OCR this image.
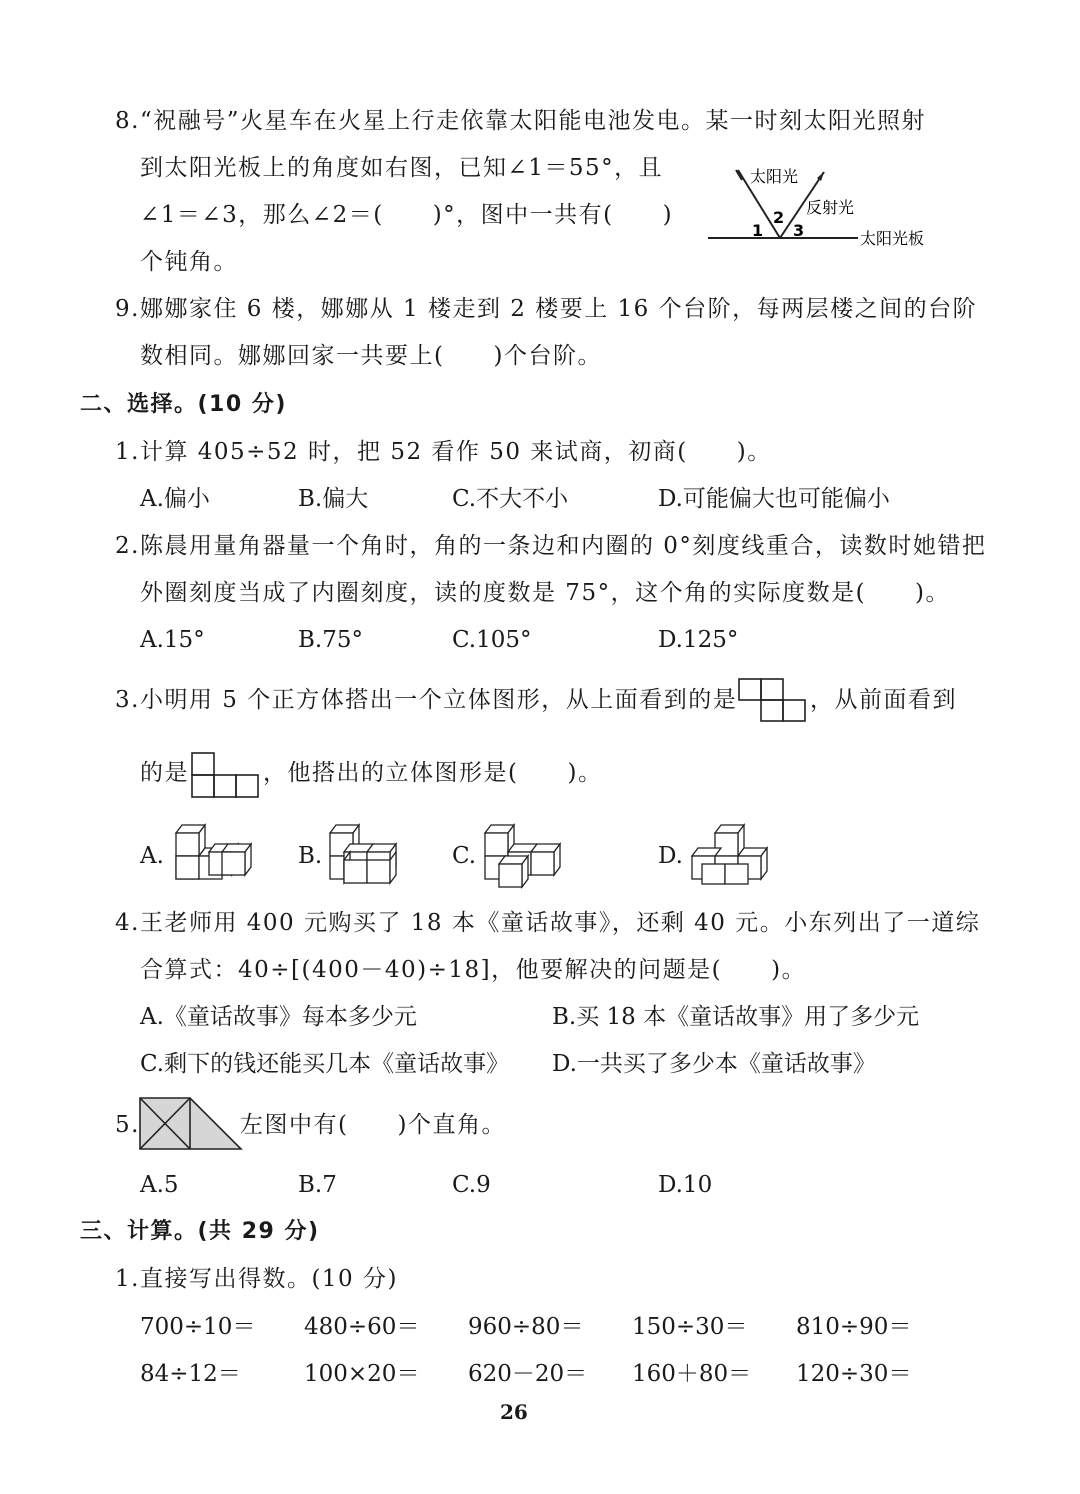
8.“祝融号”火星车在火星上行走依靠太阳能电池发电。某一时刻太阳光照射
到太阳光板上的角度如右图，已知∠1＝55°，且
∠1＝∠3，那么∠2＝(　　)°，图中一共有(　　)
个钝角。
太阳光
反射光
太阳光板
1
2
3
9.娜娜家住 6 楼，娜娜从 1 楼走到 2 楼要上 16 个台阶，每两层楼之间的台阶
数相同。娜娜回家一共要上(　　)个台阶。
二、选择。(10 分)
1.计算 405÷52 时，把 52 看作 50 来试商，初商(　　)。
A.偏小	B.偏大	C.不大不小	D.可能偏大也可能偏小
2.陈晨用量角器量一个角时，角的一条边和内圈的 0°刻度线重合，读数时她错把
外圈刻度当成了内圈刻度，读的度数是 75°，这个角的实际度数是(　　)。
A.15°	B.75°	C.105°	D.125°
3.小明用 5 个正方体搭出一个立体图形，从上面看到的是	，从前面看到
的是	，他搭出的立体图形是(　　)。
A.	B.	C.	D.
4.王老师用 400 元购买了 18 本《童话故事》，还剩 40 元。小东列出了一道综
合算式：40÷[(400－40)÷18]，他要解决的问题是(　　)。
A.《童话故事》每本多少元	B.买 18 本《童话故事》用了多少元
C.剩下的钱还能买几本《童话故事》 D.一共买了多少本《童话故事》
5.	左图中有(　　)个直角。
A.5	B.7	C.9	D.10
三、计算。(共 29 分)
1.直接写出得数。(10 分)
700÷10＝ 480÷60＝ 960÷80＝ 150÷30＝ 810÷90＝
84÷12＝	100×20＝ 620－20＝ 160＋80＝ 120÷30＝
26
